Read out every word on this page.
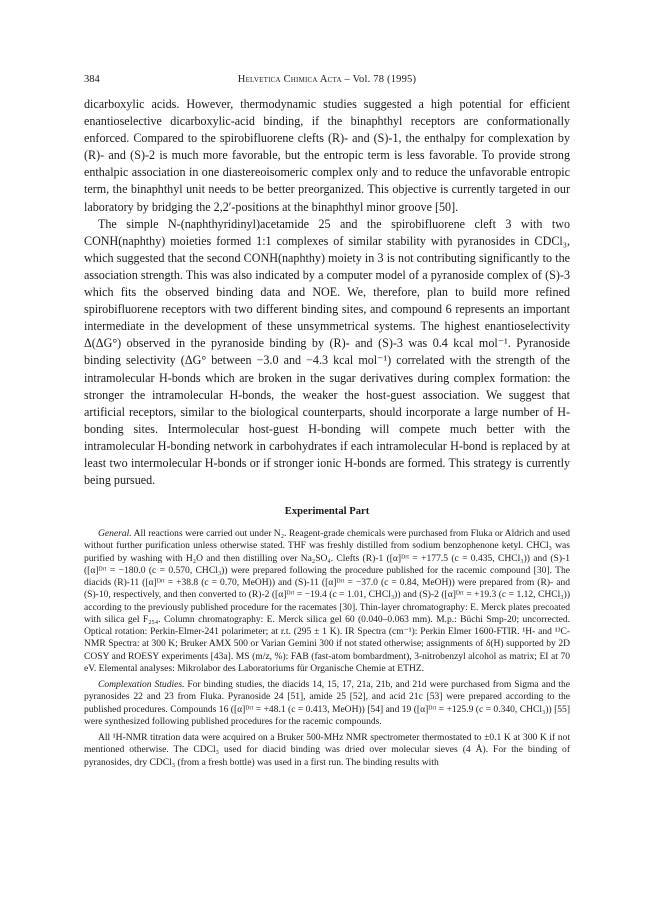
384	Helvetica Chimica Acta – Vol. 78 (1995)

dicarboxylic acids. However, thermodynamic studies suggested a high potential for efficient enantioselective dicarboxylic-acid binding, if the binaphthyl receptors are conformationally enforced. Compared to the spirobifluorene clefts (R)- and (S)-1, the enthalpy for complexation by (R)- and (S)-2 is much more favorable, but the entropic term is less favorable. To provide strong enthalpic association in one diastereoisomeric complex only and to reduce the unfavorable entropic term, the binaphthyl unit needs to be better preorganized. This objective is currently targeted in our laboratory by bridging the 2,2′-positions at the binaphthyl minor groove [50].

The simple N-(naphthyridinyl)acetamide 25 and the spirobifluorene cleft 3 with two CONH(naphthy) moieties formed 1:1 complexes of similar stability with pyranosides in CDCl₃, which suggested that the second CONH(naphthy) moiety in 3 is not contributing significantly to the association strength. This was also indicated by a computer model of a pyranoside complex of (S)-3 which fits the observed binding data and NOE. We, therefore, plan to build more refined spirobifluorene receptors with two different binding sites, and compound 6 represents an important intermediate in the development of these unsymmetrical systems. The highest enantioselectivity Δ(ΔG°) observed in the pyranoside binding by (R)- and (S)-3 was 0.4 kcal mol⁻¹. Pyranoside binding selectivity (ΔG° between −3.0 and −4.3 kcal mol⁻¹) correlated with the strength of the intramolecular H-bonds which are broken in the sugar derivatives during complex formation: the stronger the intramolecular H-bonds, the weaker the host-guest association. We suggest that artificial receptors, similar to the biological counterparts, should incorporate a large number of H-bonding sites. Intermolecular host-guest H-bonding will compete much better with the intramolecular H-bonding network in carbohydrates if each intramolecular H-bond is replaced by at least two intermolecular H-bonds or if stronger ionic H-bonds are formed. This strategy is currently being pursued.

Experimental Part

General. All reactions were carried out under N₂. Reagent-grade chemicals were purchased from Fluka or Aldrich and used without further purification unless otherwise stated. THF was freshly distilled from sodium benzophenone ketyl. CHCl₃ was purified by washing with H₂O and then distilling over Na₂SO₄. Clefts (R)-1 ([α]ᴰʳᵗ = +177.5 (c = 0.435, CHCl₃)) and (S)-1 ([α]ᴰʳᵗ = −180.0 (c = 0.570, CHCl₃)) were prepared following the procedure published for the racemic compound [30]. The diacids (R)-11 ([α]ᴰʳᵗ = +38.8 (c = 0.70, MeOH)) and (S)-11 ([α]ᴰʳᵗ = −37.0 (c = 0.84, MeOH)) were prepared from (R)- and (S)-10, respectively, and then converted to (R)-2 ([α]ᴰʳᵗ = −19.4 (c = 1.01, CHCl₃)) and (S)-2 ([α]ᴰʳᵗ = +19.3 (c = 1.12, CHCl₃)) according to the previously published procedure for the racemates [30]. Thin-layer chromatography: E. Merck plates precoated with silica gel F₂₅₄. Column chromatography: E. Merck silica gel 60 (0.040–0.063 mm). M.p.: Büchi Smp-20; uncorrected. Optical rotation: Perkin-Elmer-241 polarimeter; at r.t. (295 ± 1 K). IR Spectra (cm⁻¹): Perkin Elmer 1600-FTIR. ¹H- and ¹³C-NMR Spectra: at 300 K; Bruker AMX 500 or Varian Gemini 300 if not stated otherwise; assignments of δ(H) supported by 2D COSY and ROESY experiments [43a]. MS (m/z, %): FAB (fast-atom bombardment), 3-nitrobenzyl alcohol as matrix; EI at 70 eV. Elemental analyses: Mikrolabor des Laboratoriums für Organische Chemie at ETHZ.

Complexation Studies. For binding studies, the diacids 14, 15, 17, 21a, 21b, and 21d were purchased from Sigma and the pyranosides 22 and 23 from Fluka. Pyranoside 24 [51], amide 25 [52], and acid 21c [53] were prepared according to the published procedures. Compounds 16 ([α]ᴰʳᵗ = +48.1 (c = 0.413, MeOH)) [54] and 19 ([α]ᴰʳᵗ = +125.9 (c = 0.340, CHCl₃)) [55] were synthesized following published procedures for the racemic compounds.

All ¹H-NMR titration data were acquired on a Bruker 500-MHz NMR spectrometer thermostated to ±0.1 K at 300 K if not mentioned otherwise. The CDCl₃ used for diacid binding was dried over molecular sieves (4 Å). For the binding of pyranosides, dry CDCl₃ (from a fresh bottle) was used in a first run. The binding results with
